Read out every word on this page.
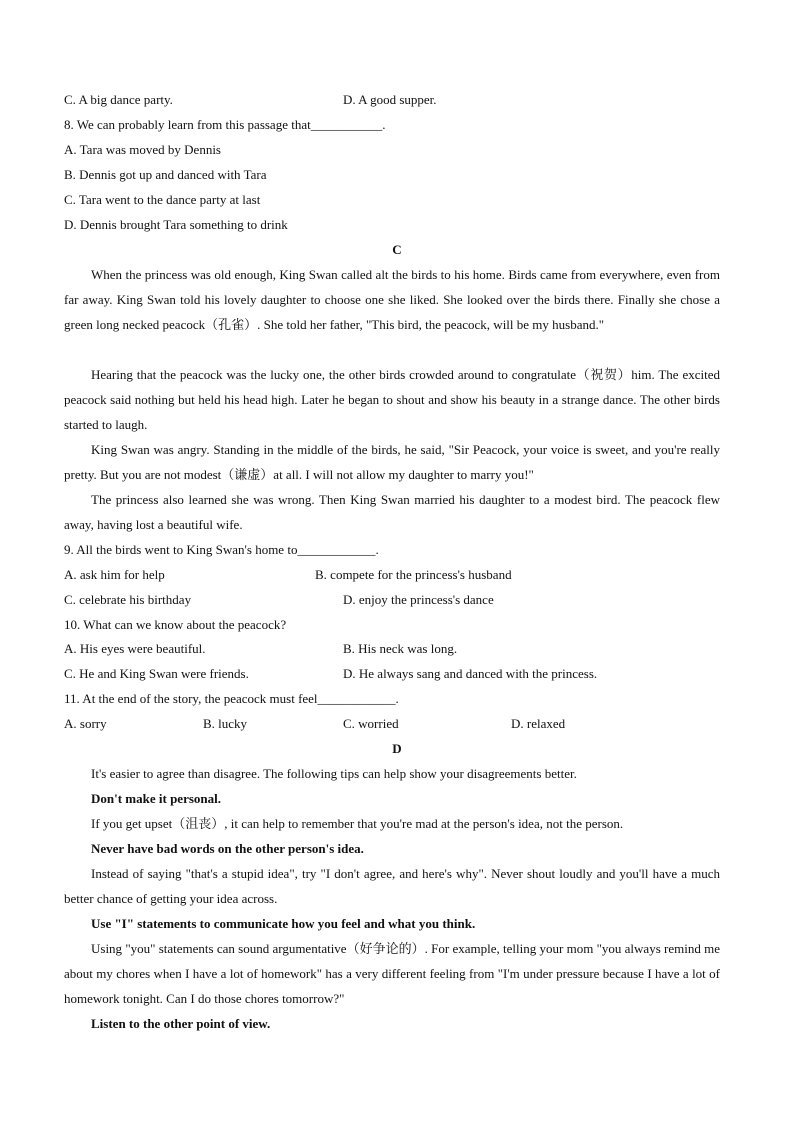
C. A big dance party.	D. A good supper.
8. We can probably learn from this passage that___________.
A. Tara was moved by Dennis
B. Dennis got up and danced with Tara
C. Tara went to the dance party at last
D. Dennis brought Tara something to drink
C
When the princess was old enough, King Swan called alt the birds to his home. Birds came from everywhere, even from far away. King Swan told his lovely daughter to choose one she liked. She looked over the birds there. Finally she chose a green long necked peacock（孔雀）. She told her father, "This bird, the peacock, will be my husband."
Hearing that the peacock was the lucky one, the other birds crowded around to congratulate（祝贺）him. The excited peacock said nothing but held his head high. Later he began to shout and show his beauty in a strange dance. The other birds started to laugh.
King Swan was angry. Standing in the middle of the birds, he said, "Sir Peacock, your voice is sweet, and you're really pretty. But you are not modest（谦虚）at all. I will not allow my daughter to marry you!"
The princess also learned she was wrong. Then King Swan married his daughter to a modest bird. The peacock flew away, having lost a beautiful wife.
9. All the birds went to King Swan's home to____________.
A. ask him for help	B. compete for the princess's husband
C. celebrate his birthday	D. enjoy the princess's dance
10. What can we know about the peacock?
A. His eyes were beautiful.	B. His neck was long.
C. He and King Swan were friends.	D. He always sang and danced with the princess.
11. At the end of the story, the peacock must feel____________.
A. sorry	B. lucky	C. worried	D. relaxed
D
It's easier to agree than disagree. The following tips can help show your disagreements better.
Don't make it personal.
If you get upset（沮丧）, it can help to remember that you're mad at the person's idea, not the person.
Never have bad words on the other person's idea.
Instead of saying "that's a stupid idea", try "I don't agree, and here's why". Never shout loudly and you'll have a much better chance of getting your idea across.
Use "I" statements to communicate how you feel and what you think.
Using "you" statements can sound argumentative（好争论的）. For example, telling your mom "you always remind me about my chores when I have a lot of homework" has a very different feeling from "I'm under pressure because I have a lot of homework tonight. Can I do those chores tomorrow?"
Listen to the other point of view.
